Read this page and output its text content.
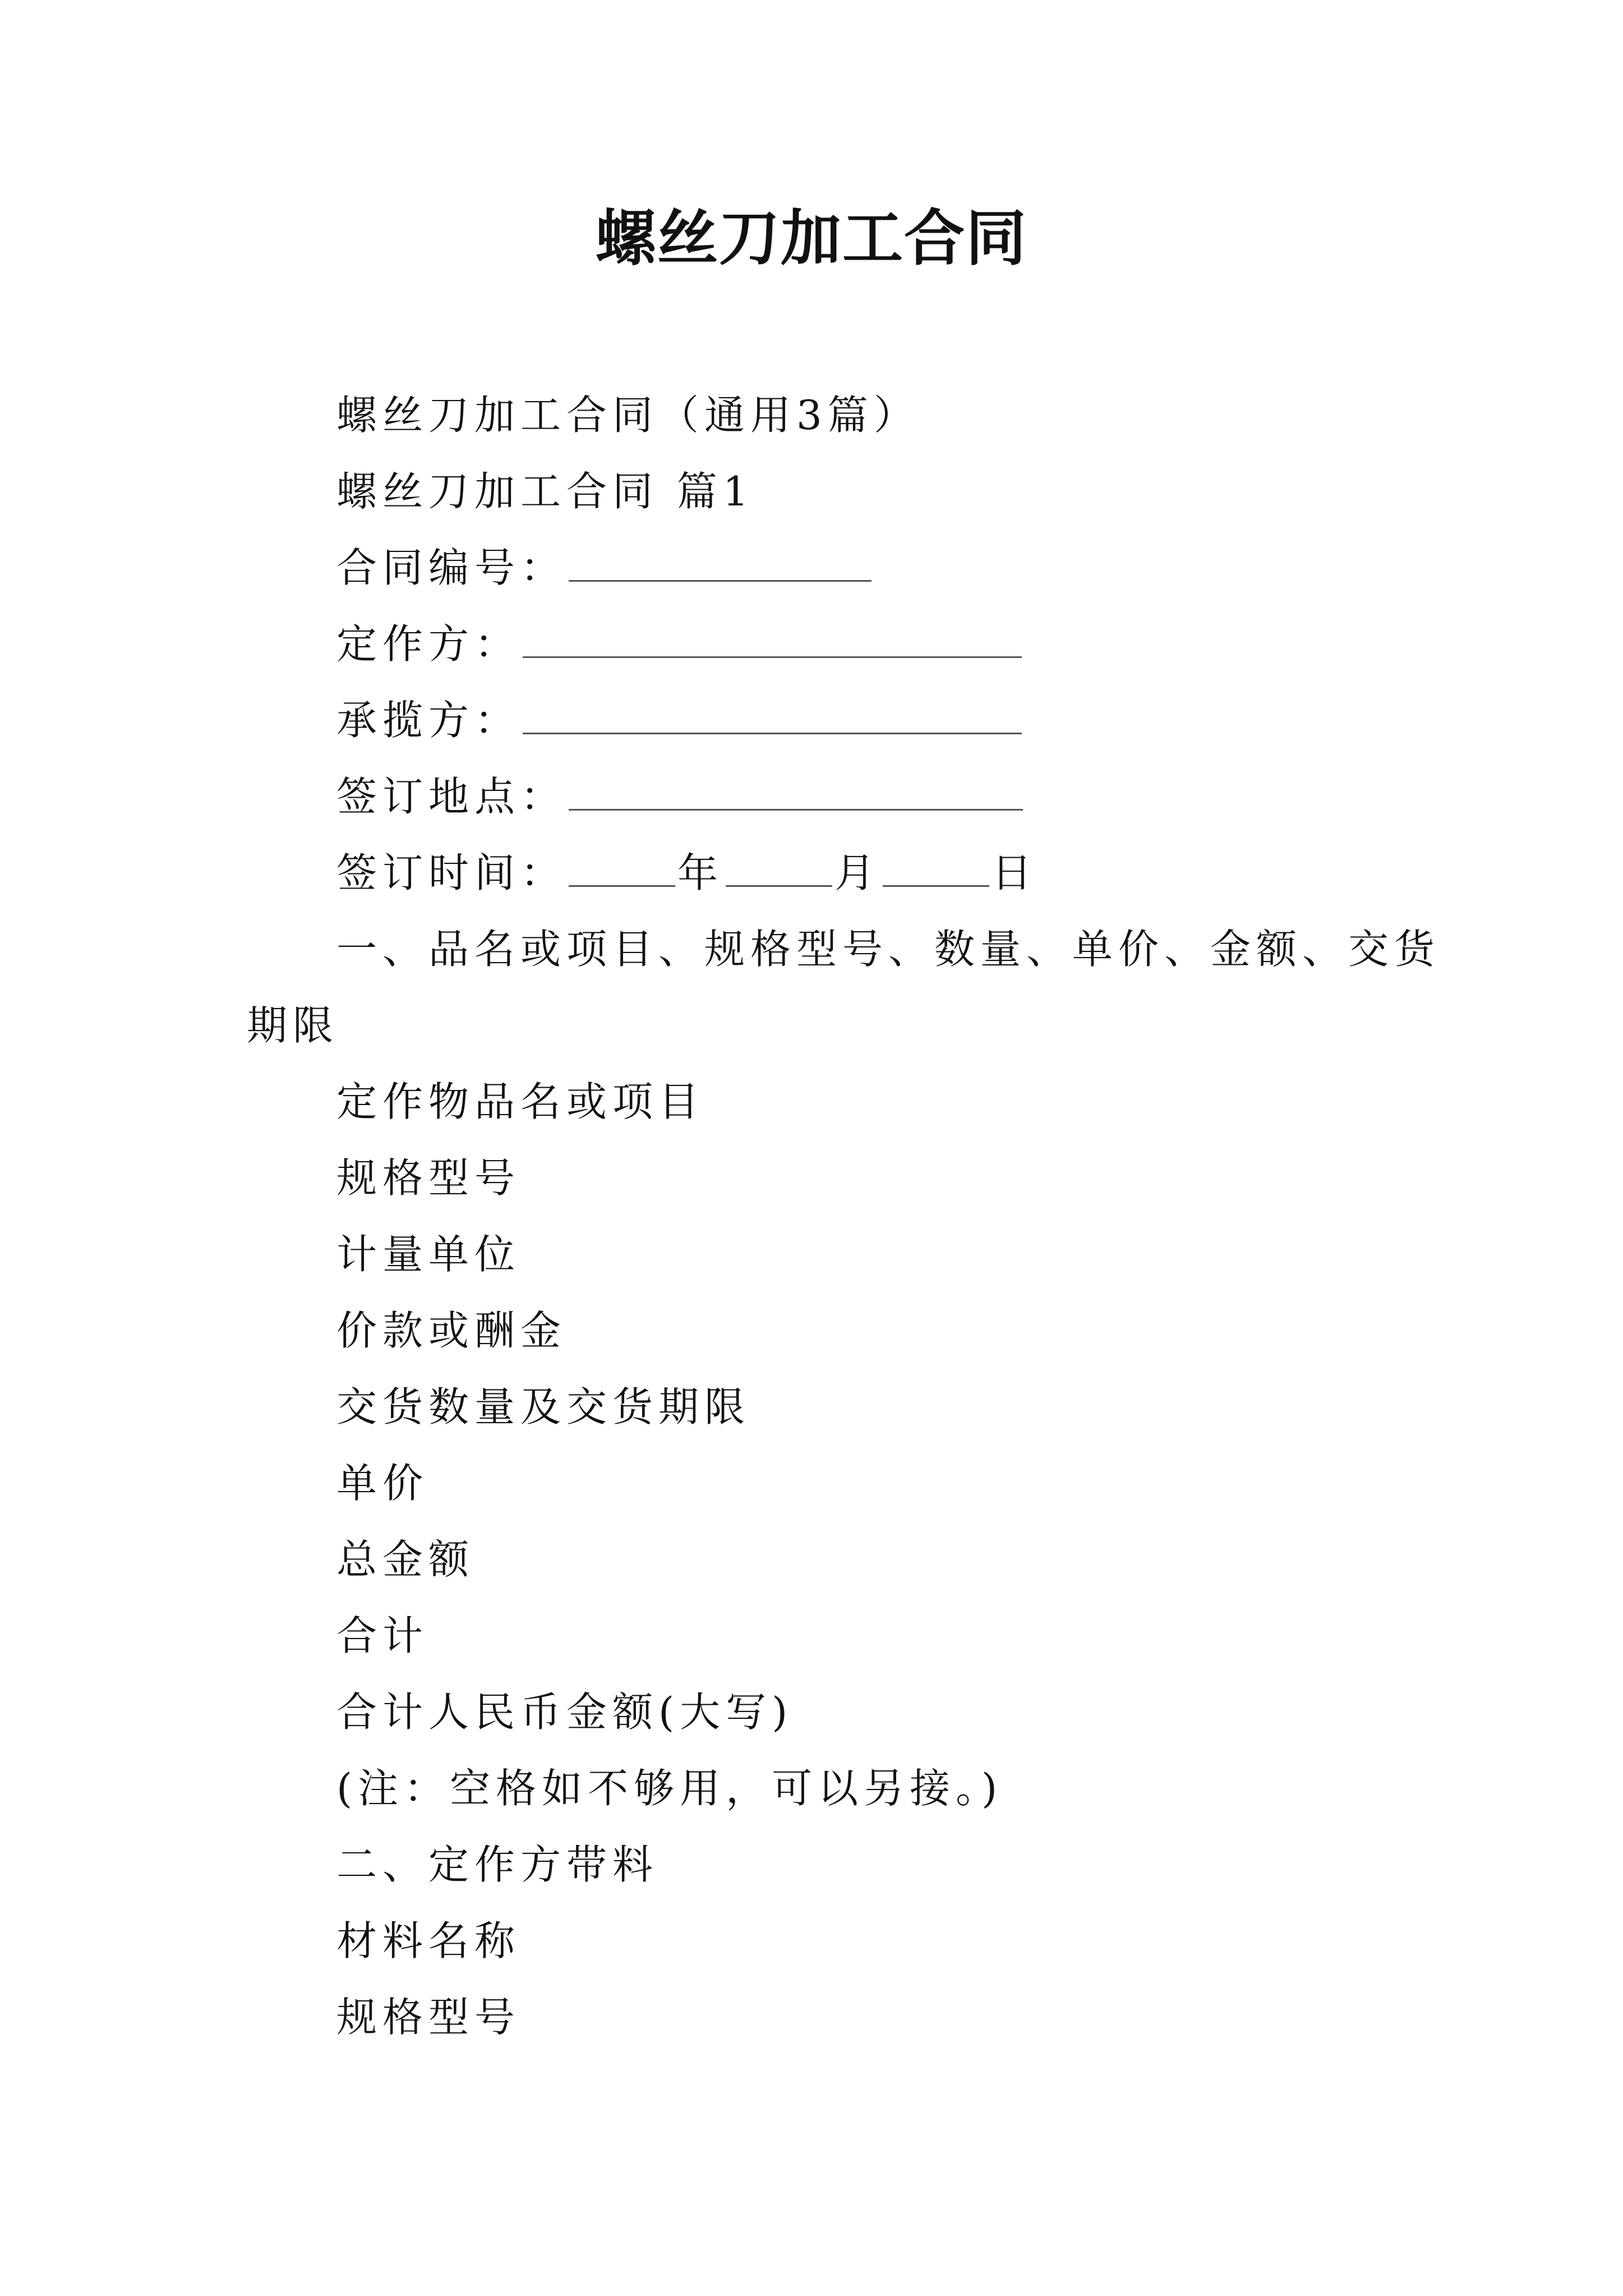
螺丝刀加工合同
螺丝刀加工合同（通用3篇）
螺丝刀加工合同 篇1
合同编号：
定作方：
承揽方：
签订地点：
签订时间：	年	月	日
一、品名或项目、规格型号、数量、单价、金额、交货
期限
定作物品名或项目
规格型号
计量单位
价款或酬金
交货数量及交货期限
单价
总金额
合计
合计人民币金额(大写)
(注：空格如不够用，可以另接。)
二、定作方带料
材料名称
规格型号
